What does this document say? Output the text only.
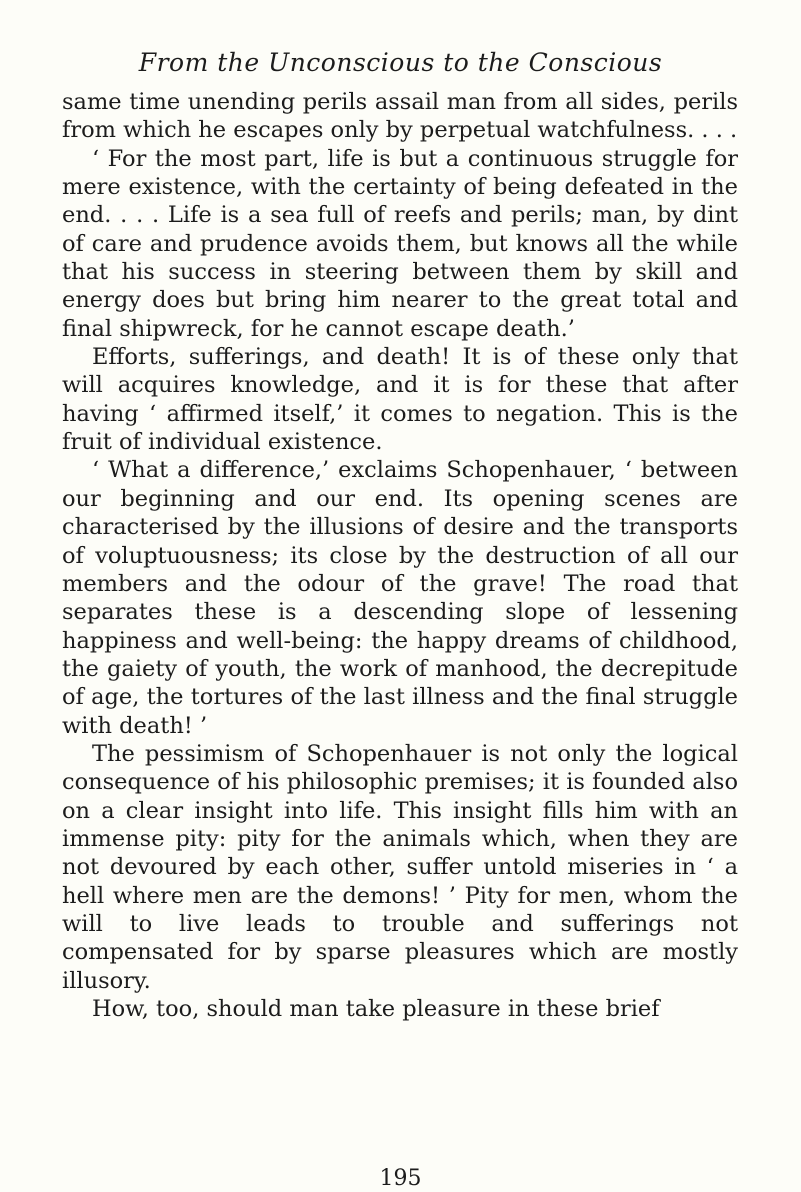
From the Unconscious to the Conscious

same time unending perils assail man from all sides, perils from which he escapes only by perpetual watchfulness. . . .

‘ For the most part, life is but a continuous struggle for mere existence, with the certainty of being defeated in the end. . . . Life is a sea full of reefs and perils; man, by dint of care and prudence avoids them, but knows all the while that his success in steering between them by skill and energy does but bring him nearer to the great total and final shipwreck, for he cannot escape death.’

Efforts, sufferings, and death! It is of these only that will acquires knowledge, and it is for these that after having ‘ affirmed itself,’ it comes to negation. This is the fruit of individual existence.

‘ What a difference,’ exclaims Schopenhauer, ‘ between our beginning and our end. Its opening scenes are characterised by the illusions of desire and the transports of voluptuousness; its close by the destruction of all our members and the odour of the grave! The road that separates these is a descending slope of lessening happiness and well-being: the happy dreams of childhood, the gaiety of youth, the work of manhood, the decrepitude of age, the tortures of the last illness and the final struggle with death! ’

The pessimism of Schopenhauer is not only the logical consequence of his philosophic premises; it is founded also on a clear insight into life. This insight fills him with an immense pity: pity for the animals which, when they are not devoured by each other, suffer untold miseries in ‘ a hell where men are the demons! ’ Pity for men, whom the will to live leads to trouble and sufferings not compensated for by sparse pleasures which are mostly illusory.

How, too, should man take pleasure in these brief

195
